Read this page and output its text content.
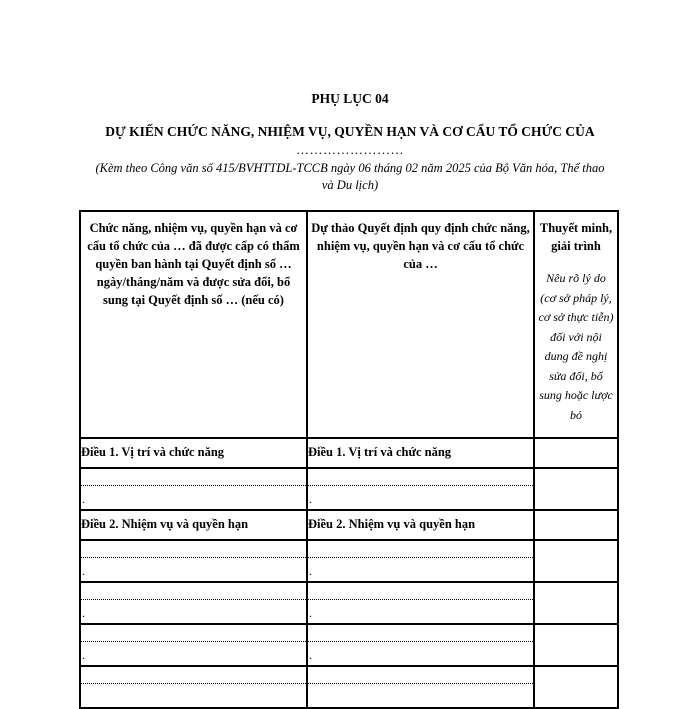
PHỤ LỤC 04
DỰ KIẾN CHỨC NĂNG, NHIỆM VỤ, QUYỀN HẠN VÀ CƠ CẤU TỔ CHỨC CỦA
……………………
(Kèm theo Công văn số 415/BVHTTDL-TCCB ngày 06 tháng 02 năm 2025 của Bộ Văn hóa, Thể thao và Du lịch)
Chức năng, nhiệm vụ, quyền hạn và cơ cấu tổ chức của … đã được cấp có thẩm quyền ban hành tại Quyết định số … ngày/tháng/năm và được sửa đổi, bổ sung tại Quyết định số … (nếu có)	Dự thảo Quyết định quy định chức năng, nhiệm vụ, quyền hạn và cơ cấu tổ chức của …	Thuyết minh, giải trình
Nêu rõ lý do (cơ sở pháp lý, cơ sở thực tiễn) đối với nội dung đề nghị sửa đổi, bổ sung hoặc lược bỏ

Điều 1. Vị trí và chức năng	Điều 1. Vị trí và chức năng	

.	.	

Điều 2. Nhiệm vụ và quyền hạn	Điều 2. Nhiệm vụ và quyền hạn	

.	.	

.	.	

.	.	
